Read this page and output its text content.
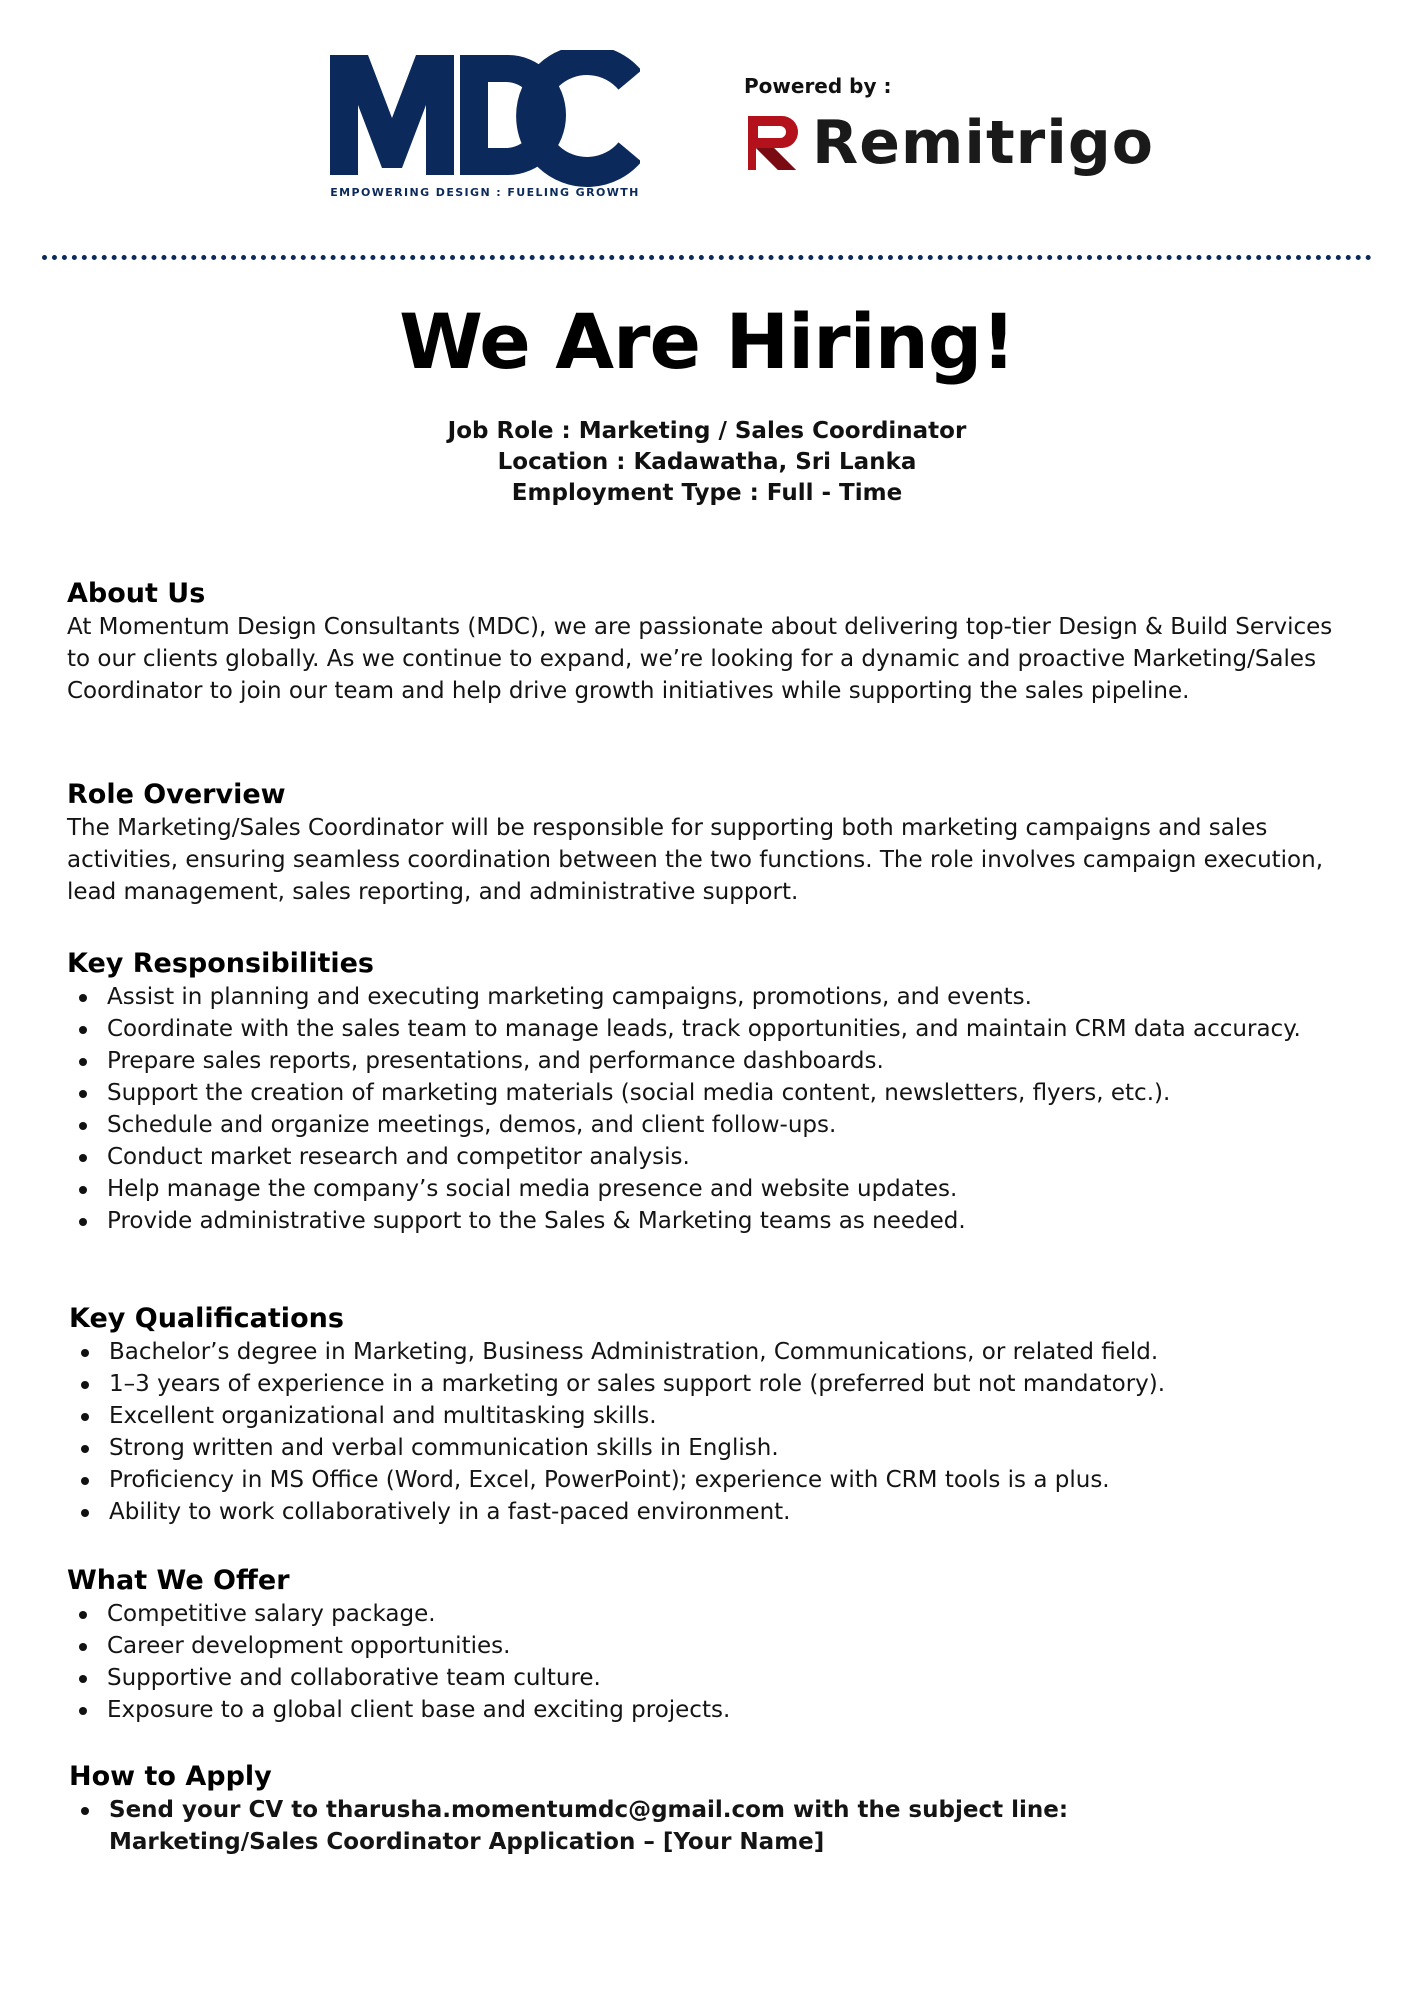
EMPOWERING DESIGN : FUELING GROWTH
Powered by :
Remitrigo
We Are Hiring!
Job Role : Marketing / Sales Coordinator
Location : Kadawatha, Sri Lanka
Employment Type : Full - Time
About Us

At Momentum Design Consultants (MDC), we are passionate about delivering top-tier Design & Build Services to our clients globally. As we continue to expand, we’re looking for a dynamic and proactive Marketing/Sales Coordinator to join our team and help drive growth initiatives while supporting the sales pipeline.

Role Overview

The Marketing/Sales Coordinator will be responsible for supporting both marketing campaigns and sales activities, ensuring seamless coordination between the two functions. The role involves campaign execution, lead management, sales reporting, and administrative support.

Key Responsibilities
Assist in planning and executing marketing campaigns, promotions, and events.
Coordinate with the sales team to manage leads, track opportunities, and maintain CRM data accuracy.
Prepare sales reports, presentations, and performance dashboards.
Support the creation of marketing materials (social media content, newsletters, flyers, etc.).
Schedule and organize meetings, demos, and client follow-ups.
Conduct market research and competitor analysis.
Help manage the company’s social media presence and website updates.
Provide administrative support to the Sales & Marketing teams as needed.
Key Qualifications
Bachelor’s degree in Marketing, Business Administration, Communications, or related field.
1–3 years of experience in a marketing or sales support role (preferred but not mandatory).
Excellent organizational and multitasking skills.
Strong written and verbal communication skills in English.
Proficiency in MS Office (Word, Excel, PowerPoint); experience with CRM tools is a plus.
Ability to work collaboratively in a fast-paced environment.
What We Offer
Competitive salary package.
Career development opportunities.
Supportive and collaborative team culture.
Exposure to a global client base and exciting projects.
How to Apply
Send your CV to tharusha.momentumdc@gmail.com with the subject line: Marketing/Sales Coordinator Application – [Your Name]
